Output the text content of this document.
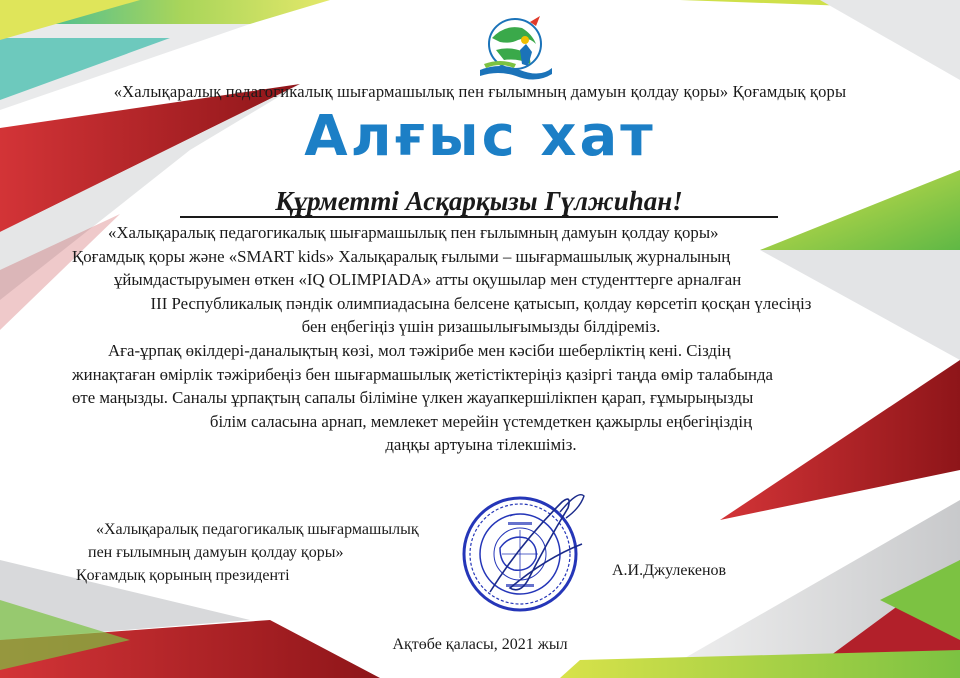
«Халықаралық педагогикалық шығармашылық пен ғылымның дамуын қолдау қоры» Қоғамдық қоры
Алғыс хат
Құрметті Асқарқызы Гүлжиһан!

«Халықаралық педагогикалық шығармашылық пен ғылымның дамуын қолдау қоры»

Қоғамдық қоры және «SMART kids» Халықаралық ғылыми – шығармашылық журналының

ұйымдастыруымен өткен «IQ OLIMPIADA» атты оқушылар мен студенттерге арналған

III Республикалық пәндік олимпиадасына белсене қатысып, қолдау көрсетіп қосқан үлесіңіз

бен еңбегіңіз үшін ризашылығымызды білдіреміз.

Аға-ұрпақ өкілдері-даналықтың көзі, мол тәжірибе мен кәсіби шеберліктің кені. Сіздің

жинақтаған өмірлік тәжірибеңіз бен шығармашылық жетістіктеріңіз қазіргі таңда өмір талабында

өте маңызды. Саналы ұрпақтың сапалы біліміне үлкен жауапкершілікпен қарап, ғұмырыңызды

білім саласына арнап, мемлекет мерейін үстемдеткен қажырлы еңбегіңіздің

даңқы артуына тілекшіміз.

«Халықаралық педагогикалық шығармашылық
пен ғылымның дамуын қолдау қоры»
Қоғамдық қорының президенті	А.И.Джулекенов
Ақтөбе қаласы, 2021 жыл
